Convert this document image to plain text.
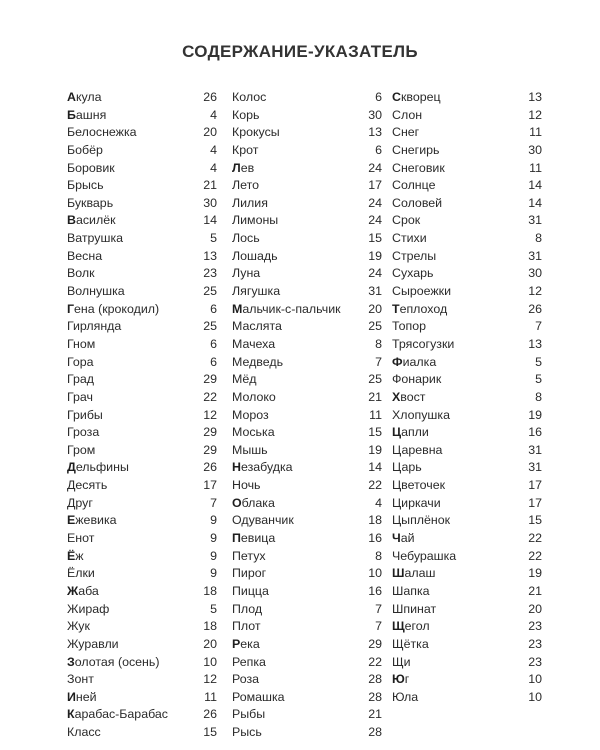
СОДЕРЖАНИЕ-УКАЗАТЕЛЬ
Акула	26
Башня	4
Белоснежка	20
Бобёр	4
Боровик	4
Брысь	21
Букварь	30
Василёк	14
Ватрушка	5
Весна	13
Волк	23
Волнушка	25
Гена (крокодил)	6
Гирлянда	25
Гном	6
Гора	6
Град	29
Грач	22
Грибы	12
Гроза	29
Гром	29
Дельфины	26
Десять	17
Друг	7
Ежевика	9
Енот	9
Ёж	9
Ёлки	9
Жаба	18
Жираф	5
Жук	18
Журавли	20
Золотая (осень)	10
Зонт	12
Иней	11
Карабас-Барабас	26
Класс	15
Колос	6
Корь	30
Крокусы	13
Крот	6
Лев	24
Лето	17
Лилия	24
Лимоны	24
Лось	15
Лошадь	19
Луна	24
Лягушка	31
Мальчик-с-пальчик 20
Маслята	25
Мачеха	8
Медведь	7
Мёд	25
Молоко	21
Мороз	11
Моська	15
Мышь	19
Незабудка	14
Ночь	22
Облака	4
Одуванчик	18
Певица	16
Петух	8
Пирог	10
Пицца	16
Плод	7
Плот	7
Река	29
Репка	22
Роза	28
Ромашка	28
Рыбы	21
Рысь	28
Скворец	13
Слон	12
Снег	11
Снегирь	30
Снеговик	11
Солнце	14
Соловей	14
Срок	31
Стихи	8
Стрелы	31
Сухарь	30
Сыроежки	12
Теплоход	26
Топор	7
Трясогузки	13
Фиалка	5
Фонарик	5
Хвост	8
Хлопушка	19
Цапли	16
Царевна	31
Царь	31
Цветочек	17
Циркачи	17
Цыплёнок	15
Чай	22
Чебурашка	22
Шалаш	19
Шапка	21
Шпинат	20
Щегол	23
Щётка	23
Щи	23
Юг	10
Юла	10
